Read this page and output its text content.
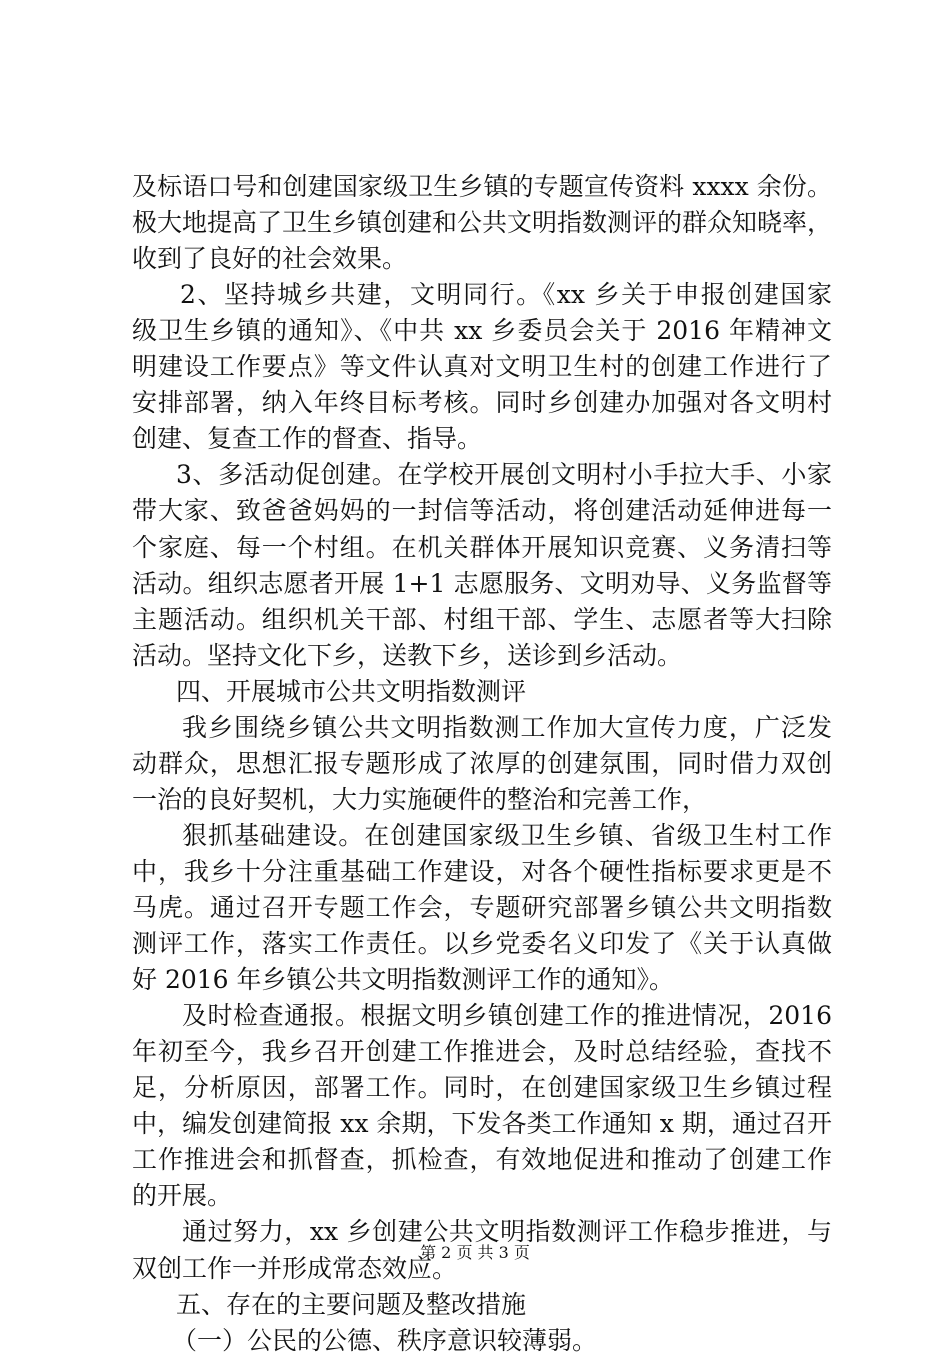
及标语口号和创建国家级卫生乡镇的专题宣传资料 xxxx 余份。
极大地提高了卫生乡镇创建和公共文明指数测评的群众知晓率，
收到了良好的社会效果。
2、坚持城乡共建，文明同行。《xx 乡关于申报创建国家
级卫生乡镇的通知》、《中共 xx 乡委员会关于 2016 年精神文
明建设工作要点》等文件认真对文明卫生村的创建工作进行了
安排部署，纳入年终目标考核。同时乡创建办加强对各文明村
创建、复查工作的督查、指导。
3、多活动促创建。在学校开展创文明村小手拉大手、小家
带大家、致爸爸妈妈的一封信等活动，将创建活动延伸进每一
个家庭、每一个村组。在机关群体开展知识竞赛、义务清扫等
活动。组织志愿者开展 1+1 志愿服务、文明劝导、义务监督等
主题活动。组织机关干部、村组干部、学生、志愿者等大扫除
活动。坚持文化下乡，送教下乡，送诊到乡活动。
四、开展城市公共文明指数测评
我乡围绕乡镇公共文明指数测工作加大宣传力度，广泛发
动群众，思想汇报专题形成了浓厚的创建氛围，同时借力双创
一治的良好契机，大力实施硬件的整治和完善工作，
狠抓基础建设。在创建国家级卫生乡镇、省级卫生村工作
中，我乡十分注重基础工作建设，对各个硬性指标要求更是不
马虎。通过召开专题工作会，专题研究部署乡镇公共文明指数
测评工作，落实工作责任。以乡党委名义印发了《关于认真做
好 2016 年乡镇公共文明指数测评工作的通知》。
及时检查通报。根据文明乡镇创建工作的推进情况，2016
年初至今，我乡召开创建工作推进会，及时总结经验，查找不
足，分析原因，部署工作。同时，在创建国家级卫生乡镇过程
中，编发创建简报 xx 余期，下发各类工作通知 x 期，通过召开
工作推进会和抓督查，抓检查，有效地促进和推动了创建工作
的开展。
通过努力，xx 乡创建公共文明指数测评工作稳步推进，与
双创工作一并形成常态效应。
五、存在的主要问题及整改措施
（一）公民的公德、秩序意识较薄弱。
第 2 页 共 3 页
